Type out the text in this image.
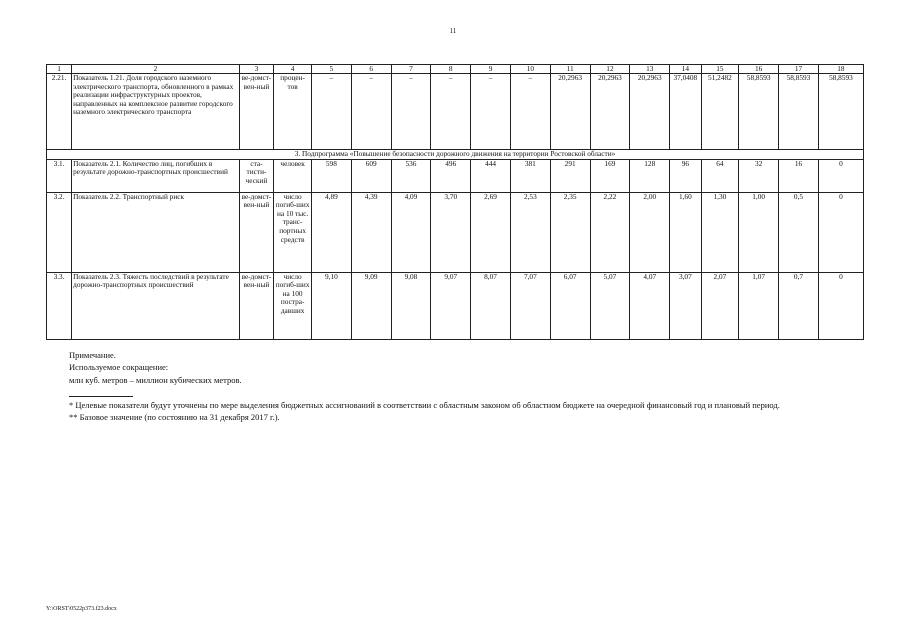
11
1	2	3	4	5	6	7	8	9	10	11	12	13	14	15	16	17	18
2.21.	Показатель 1.21. Доля городского наземного электрического транспорта, обновленного в рамках реализации инфраструктурных проектов, направленных на комплексное развитие городского наземного электрического транспорта	ве-домст-вен-ный	процен-тов	–	–	–	–	–	–	20,2963	20,2963	20,2963	37,0408	51,2482	58,8593	58,8593	58,8593
3. Подпрограмма «Повышение безопасности дорожного движения на территории Ростовской области»																	
3.1.	Показатель 2.1. Количество лиц, погибших в результате дорожно-транспортных происшествий	ста-тисти-ческий	человек	598	609	536	496	444	381	291	169	128	96	64	32	16	0
3.2.	Показатель 2.2. Транспортный риск	ве-домст-вен-ный	число погиб-ших на 10 тыс. транс-портных средств	4,89	4,39	4,09	3,70	2,69	2,53	2,35	2,22	2,00	1,60	1,30	1,00	0,5	0
3.3.	Показатель 2.3. Тяжесть последствий в результате дорожно-транспортных происшествий	ве-домст-вен-ный	число погиб-ших на 100 постра-давших	9,10	9,09	9,08	9,07	8,07	7,07	6,07	5,07	4,07	3,07	2,07	1,07	0,7	0
Примечание.
Используемое сокращение:
млн куб. метров – миллион кубических метров.

* Целевые показатели будут уточнены по мере выделения бюджетных ассигнований в соответствии с областным законом об областном бюджете на очередной финансовый год и плановый период.

** Базовое значение (по состоянию на 31 декабря 2017 г.).

Y:\ORST\0522p373.f23.docx
